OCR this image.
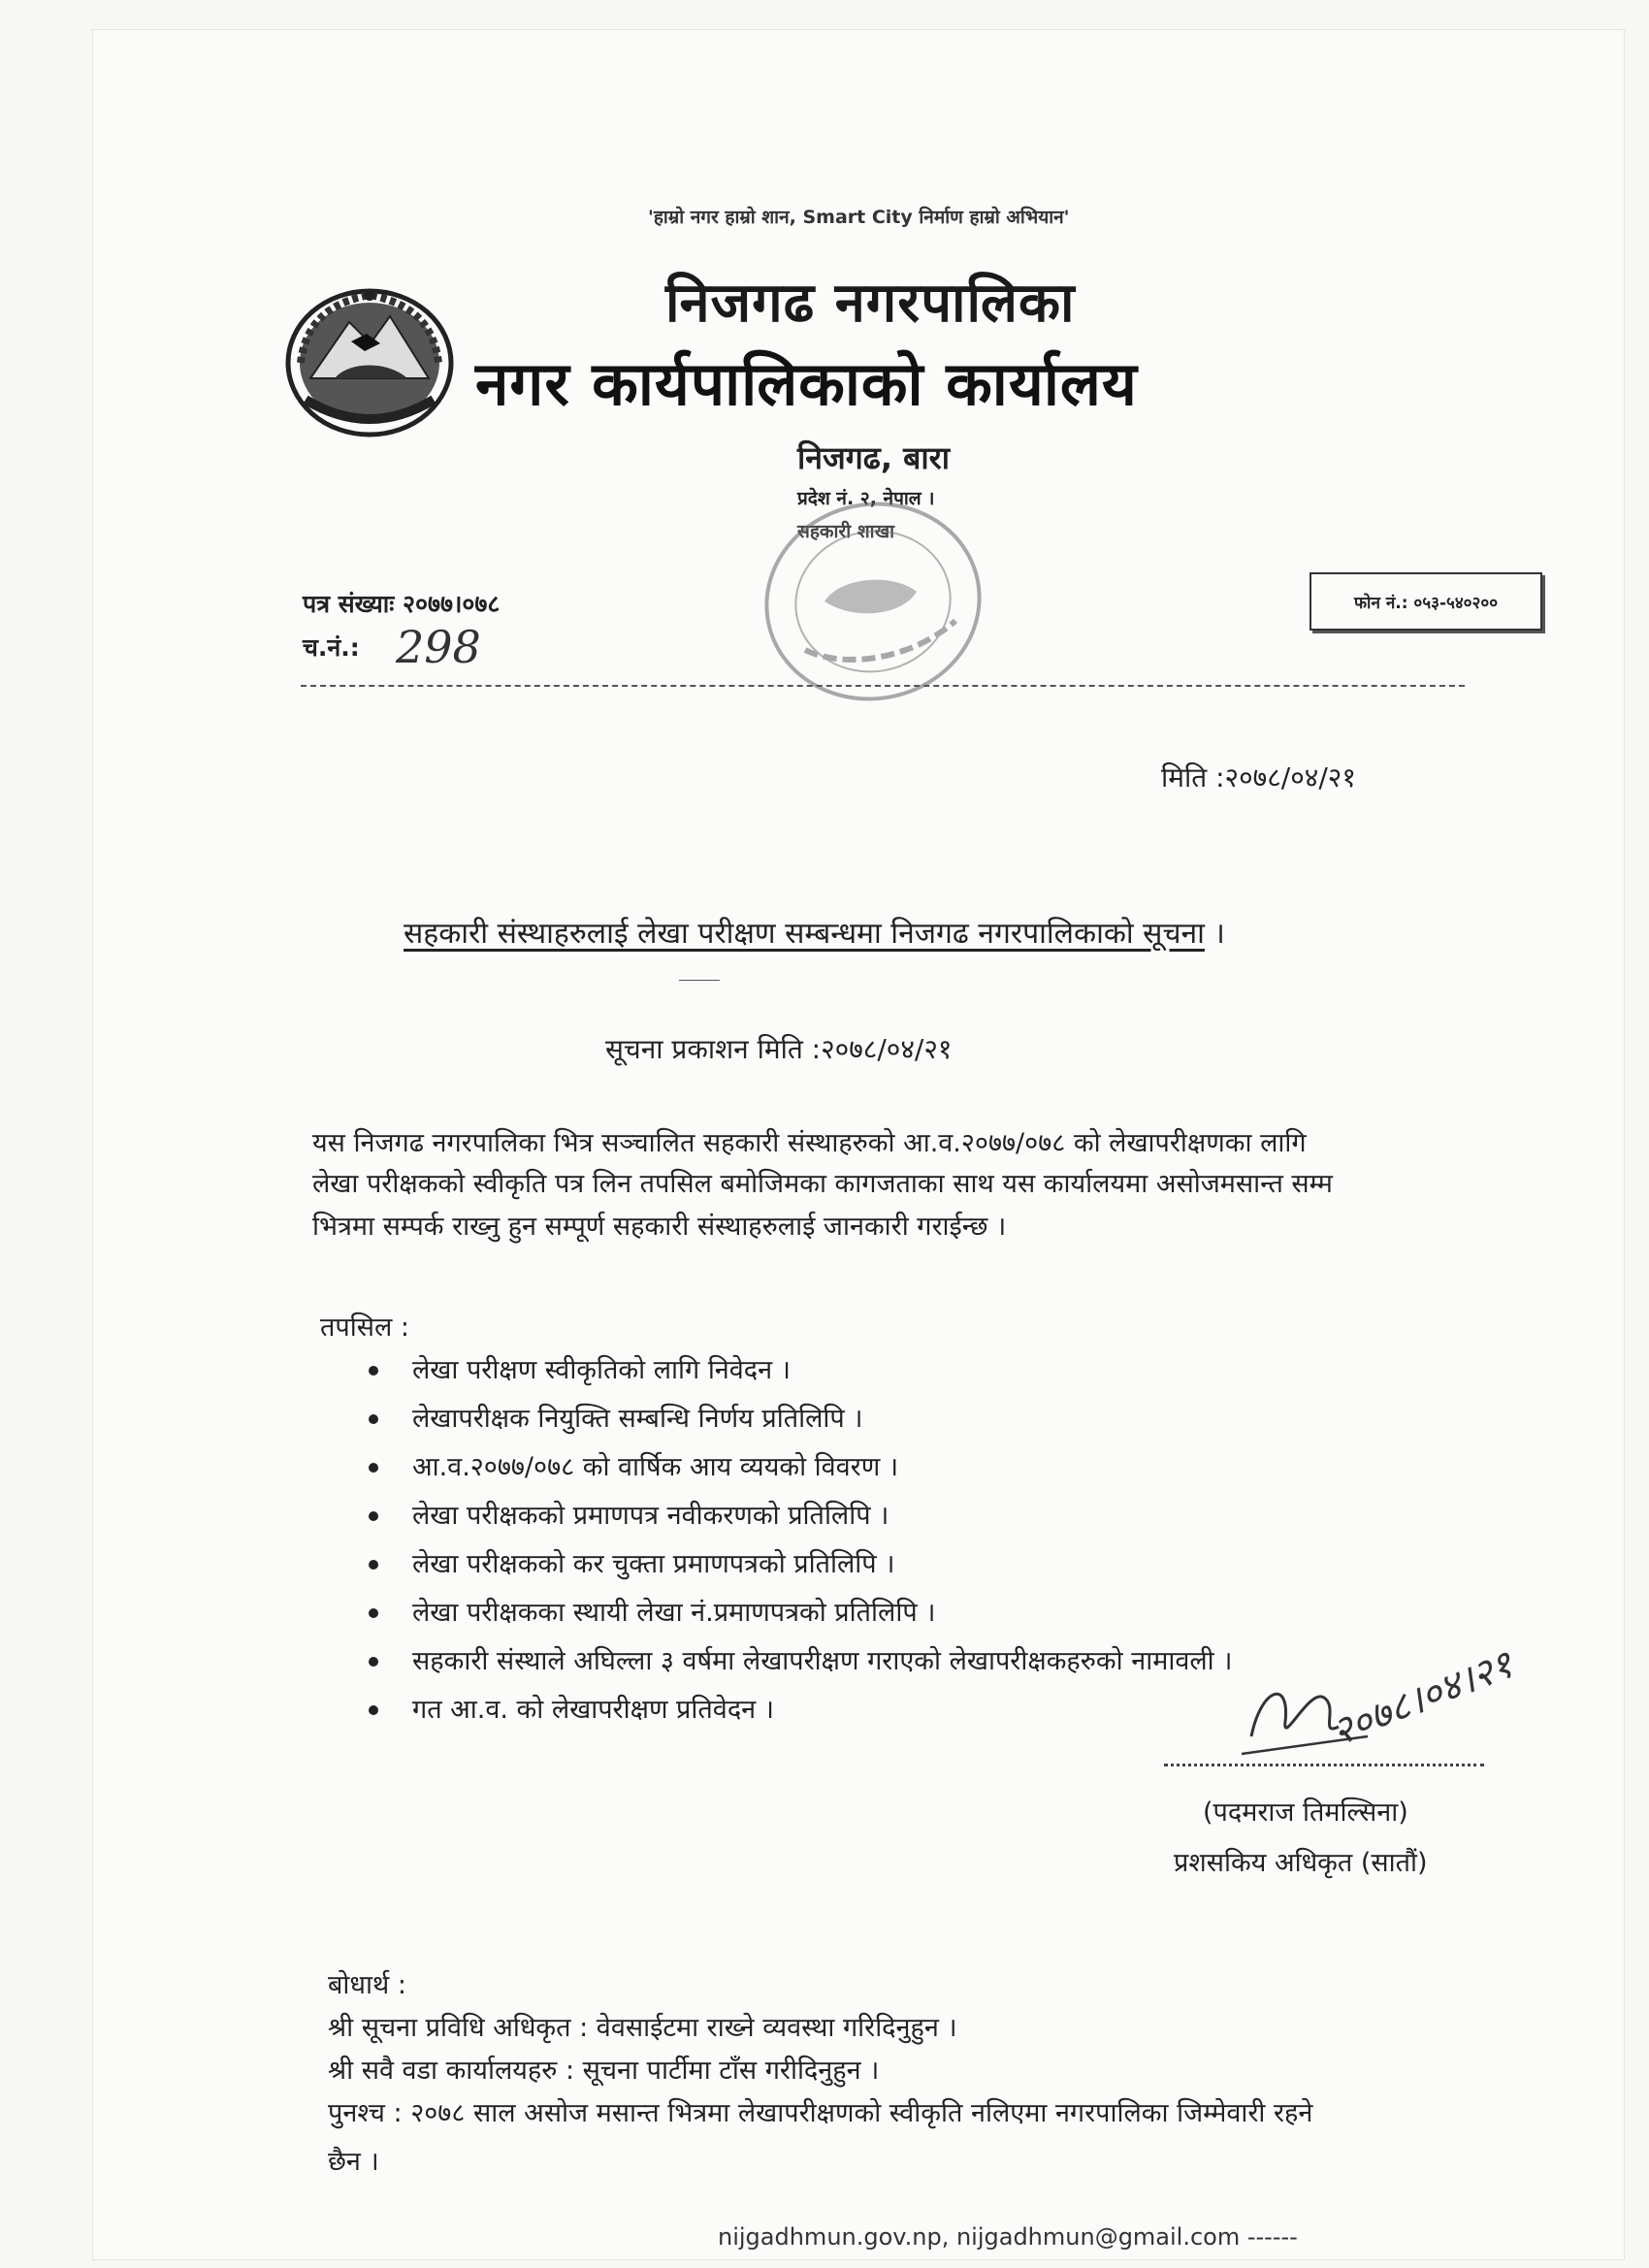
'हाम्रो नगर हाम्रो शान, Smart City निर्माण हाम्रो अभियान'
निजगढ नगरपालिका
नगर कार्यपालिकाको कार्यालय
निजगढ, बारा
प्रदेश नं. २, नेपाल ।
सहकारी शाखा
पत्र संख्याः २०७७।०७८
च.नं.: 298
फोन नं.: ०५३-५४०२००
मिति :२०७८/०४/२१
सहकारी संस्थाहरुलाई लेखा परीक्षण सम्बन्धमा निजगढ नगरपालिकाको सूचना ।
सूचना प्रकाशन मिति :२०७८/०४/२१
यस निजगढ नगरपालिका भित्र सञ्चालित सहकारी संस्थाहरुको आ.व.२०७७/०७८ को लेखापरीक्षणका लागि
लेखा परीक्षकको स्वीकृति पत्र लिन तपसिल बमोजिमका कागजताका साथ यस कार्यालयमा असोजमसान्त सम्म
भित्रमा सम्पर्क राख्नु हुन सम्पूर्ण सहकारी संस्थाहरुलाई जानकारी गराईन्छ ।
तपसिल :
लेखा परीक्षण स्वीकृतिको लागि निवेदन ।
लेखापरीक्षक नियुक्ति सम्बन्धि निर्णय प्रतिलिपि ।
आ.व.२०७७/०७८ को वार्षिक आय व्ययको विवरण ।
लेखा परीक्षकको प्रमाणपत्र नवीकरणको प्रतिलिपि ।
लेखा परीक्षकको कर चुक्ता प्रमाणपत्रको प्रतिलिपि ।
लेखा परीक्षकका स्थायी लेखा नं.प्रमाणपत्रको प्रतिलिपि ।
सहकारी संस्थाले अघिल्ला ३ वर्षमा लेखापरीक्षण गराएको लेखापरीक्षकहरुको नामावली ।
गत आ.व. को लेखापरीक्षण प्रतिवेदन ।	२०७८।०४।२१
(पदमराज तिमल्सिना)
प्रशसकिय अधिकृत (सातौं)
बोधार्थ :
श्री सूचना प्रविधि अधिकृत : वेवसाईटमा राख्ने व्यवस्था गरिदिनुहुन ।
श्री सवै वडा कार्यालयहरु : सूचना पार्टीमा टाँस गरीदिनुहुन ।
पुनश्च : २०७८ साल असोज मसान्त भित्रमा लेखापरीक्षणको स्वीकृति नलिएमा नगरपालिका जिम्मेवारी रहने
छैन ।
nijgadhmun.gov.np, nijgadhmun@gmail.com ------
